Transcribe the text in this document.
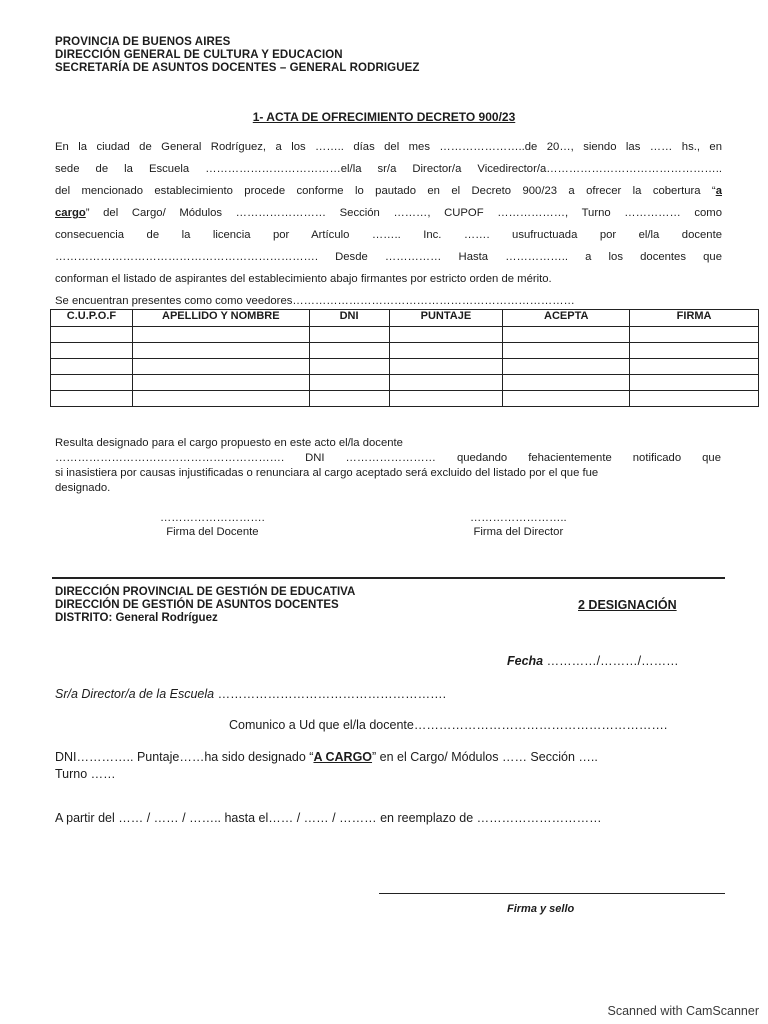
PROVINCIA DE BUENOS AIRES
DIRECCIÓN GENERAL DE CULTURA Y EDUCACION
SECRETARÍA DE ASUNTOS DOCENTES – GENERAL RODRIGUEZ
1- ACTA DE OFRECIMIENTO DECRETO 900/23
En la ciudad de General Rodríguez, a los …….. días del mes …………………..de 20…, siendo las …… hs., en
sede de la Escuela ………………………………el/la sr/a Director/a Vicedirector/a………………………………………..
del mencionado establecimiento procede conforme lo pautado en el Decreto 900/23 a ofrecer la cobertura “a
cargo” del Cargo/ Módulos …………………… Sección ………, CUPOF ………………, Turno …………… como
consecuencia de la licencia por Artículo …….. Inc. ……. usufructuada por el/la docente
……………………………………………………………. Desde …………… Hasta …………….. a los docentes que
conforman el listado de aspirantes del establecimiento abajo firmantes por estricto orden de mérito.
Se encuentran presentes como como veedores…………………………………………………………………
C.U.P.O.F	APELLIDO Y NOMBRE	DNI	PUNTAJE	ACEPTA	FIRMA

Resulta designado para el cargo propuesto en este acto el/la docente
……………………………………………………. DNI …………………… quedando fehacientemente notificado que
si inasistiera por causas injustificadas o renunciara al cargo aceptado será excluido del listado por el que fue
designado.
……………………….
Firma del Docente
……………………..
Firma del Director
DIRECCIÓN PROVINCIAL DE GESTIÓN DE EDUCATIVA
DIRECCIÓN DE GESTIÓN DE ASUNTOS DOCENTES
DISTRITO: General Rodríguez
2 DESIGNACIÓN
Fecha …………/………/………
Sr/a Director/a de la Escuela ……………………………………………….
Comunico a Ud que el/la docente…………………………………………………….
DNI………….. Puntaje……ha sido designado “A CARGO” en el Cargo/ Módulos …… Sección …..
Turno ……
A partir del …… / …… / …….. hasta el…… / …… / ……… en reemplazo de …………………………
Firma y sello
Scanned with CamScanner
